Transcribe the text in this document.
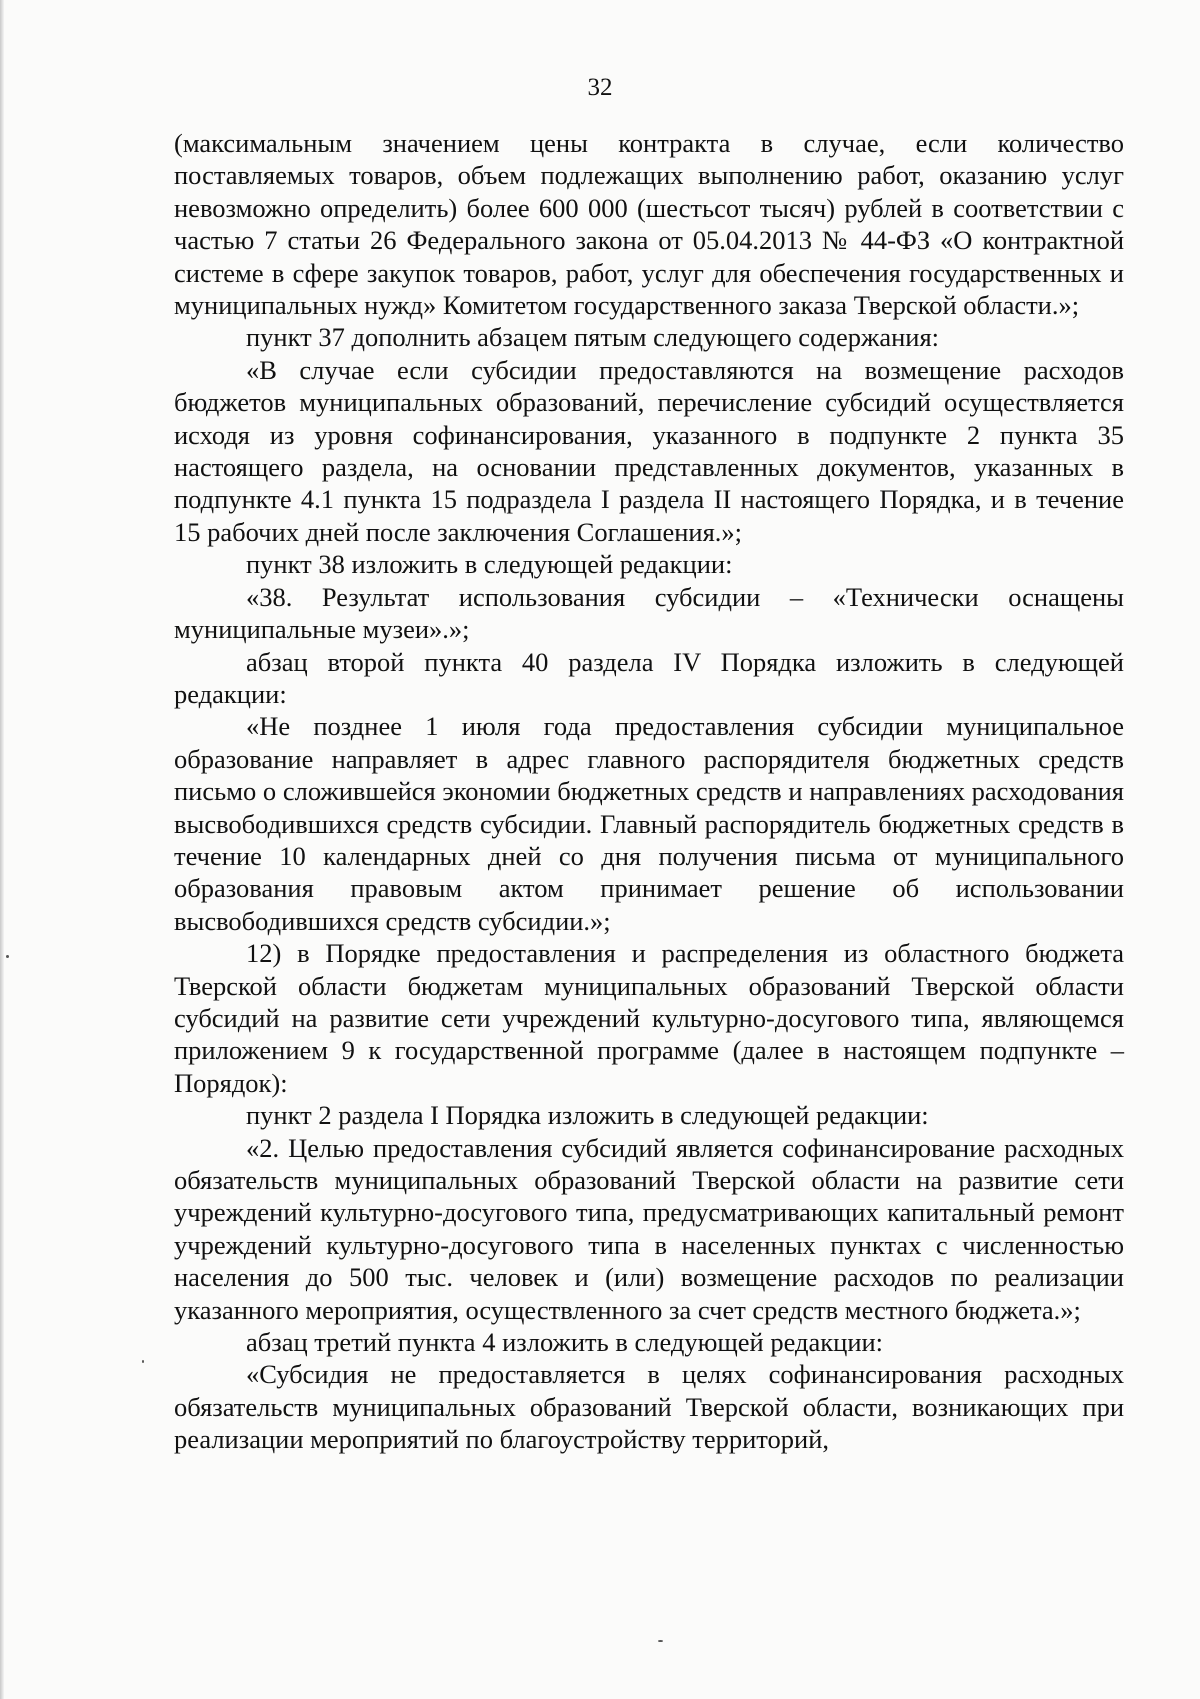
32

(максимальным значением цены контракта в случае, если количество поставляемых товаров, объем подлежащих выполнению работ, оказанию услуг невозможно определить) более 600 000 (шестьсот тысяч) рублей в соответствии с частью 7 статьи 26 Федерального закона от 05.04.2013 № 44-ФЗ «О контрактной системе в сфере закупок товаров, работ, услуг для обеспечения государственных и муниципальных нужд» Комитетом государственного заказа Тверской области.»;

пункт 37 дополнить абзацем пятым следующего содержания:

«В случае если субсидии предоставляются на возмещение расходов бюджетов муниципальных образований, перечисление субсидий осуществляется исходя из уровня софинансирования, указанного в подпункте 2 пункта 35 настоящего раздела, на основании представленных документов, указанных в подпункте 4.1 пункта 15 подраздела I раздела II настоящего Порядка, и в течение 15 рабочих дней после заключения Соглашения.»;

пункт 38 изложить в следующей редакции:

«38. Результат использования субсидии – «Технически оснащены муниципальные музеи».»;

абзац второй пункта 40 раздела IV Порядка изложить в следующей редакции:

«Не позднее 1 июля года предоставления субсидии муниципальное образование направляет в адрес главного распорядителя бюджетных средств письмо о сложившейся экономии бюджетных средств и направлениях расходования высвободившихся средств субсидии. Главный распорядитель бюджетных средств в течение 10 календарных дней со дня получения письма от муниципального образования правовым актом принимает решение об использовании высвободившихся средств субсидии.»;

12) в Порядке предоставления и распределения из областного бюджета Тверской области бюджетам муниципальных образований Тверской области субсидий на развитие сети учреждений культурно-досугового типа, являющемся приложением 9 к государственной программе (далее в настоящем подпункте – Порядок):

пункт 2 раздела I Порядка изложить в следующей редакции:

«2. Целью предоставления субсидий является софинансирование расходных обязательств муниципальных образований Тверской области на развитие сети учреждений культурно-досугового типа, предусматривающих капитальный ремонт учреждений культурно-досугового типа в населенных пунктах с численностью населения до 500 тыс. человек и (или) возмещение расходов по реализации указанного мероприятия, осуществленного за счет средств местного бюджета.»;

абзац третий пункта 4 изложить в следующей редакции:

«Субсидия не предоставляется в целях софинансирования расходных обязательств муниципальных образований Тверской области, возникающих при реализации мероприятий по благоустройству территорий,
